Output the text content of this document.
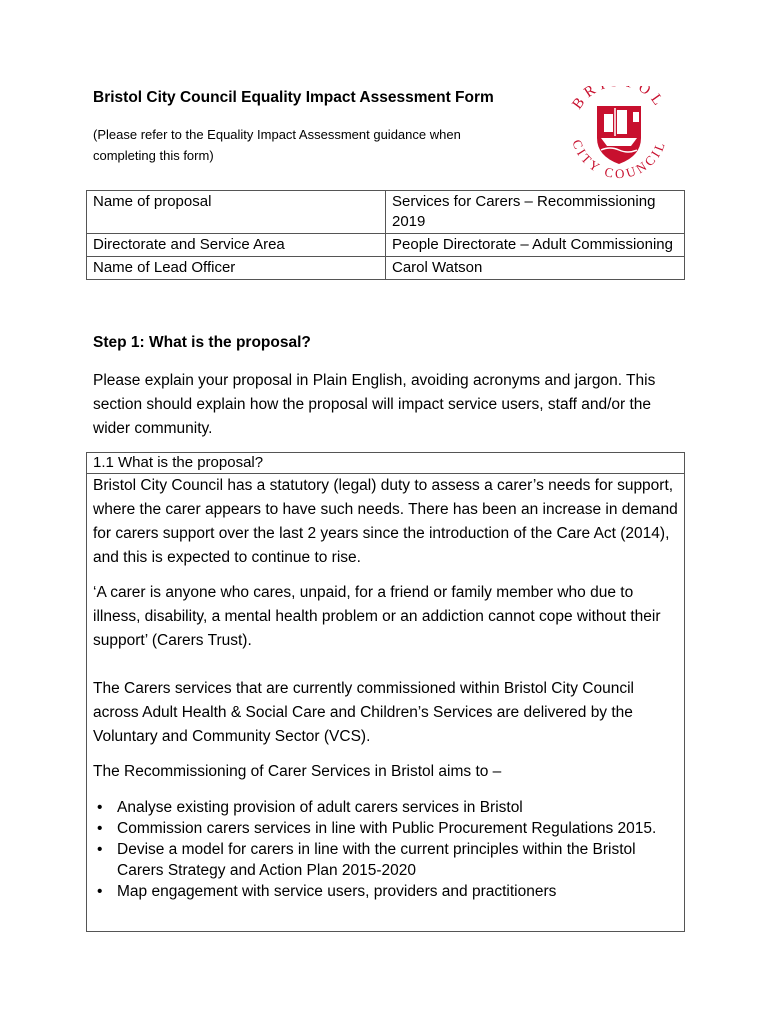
Bristol City Council Equality Impact Assessment Form
(Please refer to the Equality Impact Assessment guidance when completing this form)
BR OL
CITY COUNCIL
Name of proposal	Services for Carers – Recommissioning 2019
Directorate and Service Area	People Directorate – Adult Commissioning
Name of Lead Officer	Carol Watson
Step 1: What is the proposal?
Please explain your proposal in Plain English, avoiding acronyms and jargon. This section should explain how the proposal will impact service users, staff and/or the wider community.
1.1 What is the proposal?

Bristol City Council has a statutory (legal) duty to assess a carer’s needs for support, where the carer appears to have such needs. There has been an increase in demand for carers support over the last 2 years since the introduction of the Care Act (2014), and this is expected to continue to rise.

‘A carer is anyone who cares, unpaid, for a friend or family member who due to illness, disability, a mental health problem or an addiction cannot cope without their support’ (Carers Trust).

The Carers services that are currently commissioned within Bristol City Council across Adult Health & Social Care and Children’s Services are delivered by the Voluntary and Community Sector (VCS).

The Recommissioning of Carer Services in Bristol aims to –

• Analyse existing provision of adult carers services in Bristol
• Commission carers services in line with Public Procurement Regulations 2015.
• Devise a model for carers in line with the current principles within the Bristol Carers Strategy and Action Plan 2015-2020
• Map engagement with service users, providers and practitioners
